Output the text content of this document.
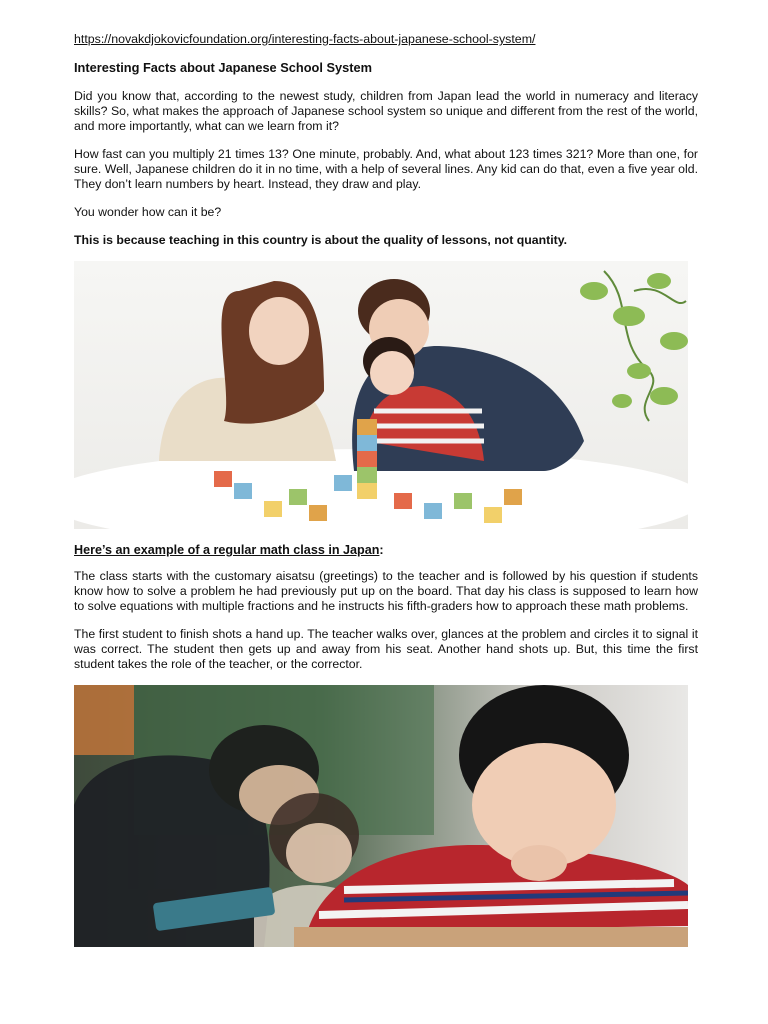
https://novakdjokovicfoundation.org/interesting-facts-about-japanese-school-system/
Interesting Facts about Japanese School System

Did you know that, according to the newest study, children from Japan lead the world in numeracy and literacy skills? So, what makes the approach of Japanese school system so unique and different from the rest of the world, and more importantly, what can we learn from it?

How fast can you multiply 21 times 13? One minute, probably. And, what about 123 times 321? More than one, for sure. Well, Japanese children do it in no time, with a help of several lines. Any kid can do that, even a five year old. They don’t learn numbers by heart. Instead, they draw and play.

You wonder how can it be?

This is because teaching in this country is about the quality of lessons, not quantity.

Here’s an example of a regular math class in Japan:

The class starts with the customary aisatsu (greetings) to the teacher and is followed by his question if students know how to solve a problem he had previously put up on the board. That day his class is supposed to learn how to solve equations with multiple fractions and he instructs his fifth-graders how to approach these math problems.

The first student to finish shots a hand up. The teacher walks over, glances at the problem and circles it to signal it was correct. The student then gets up and away from his seat. Another hand shots up. But, this time the first student takes the role of the teacher, or the corrector.
